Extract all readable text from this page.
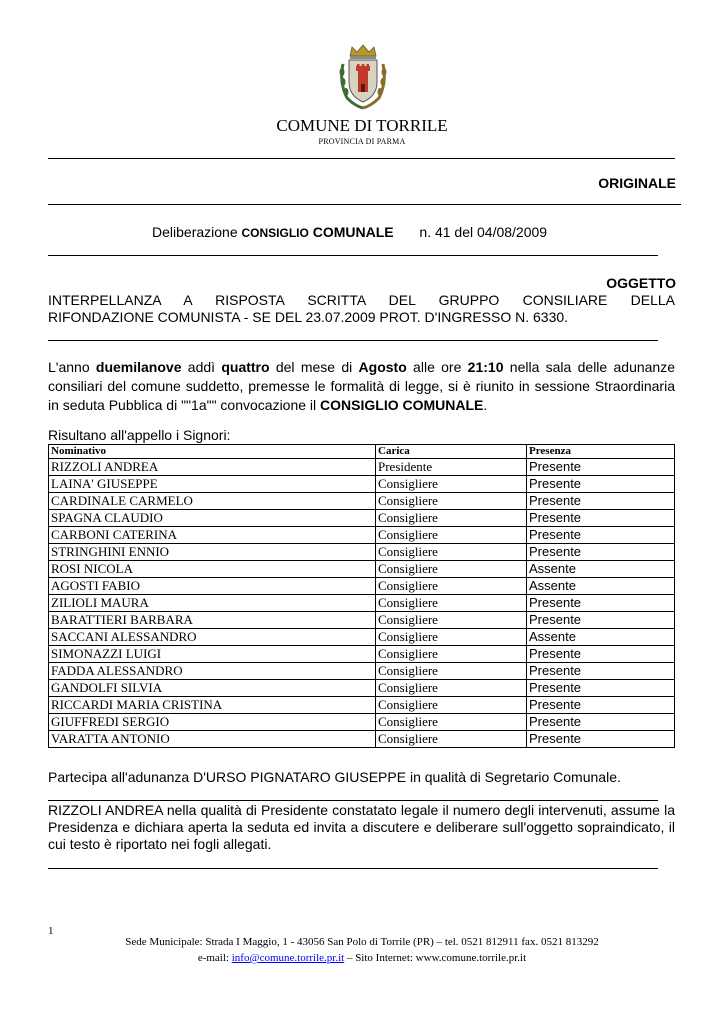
COMUNE DI TORRILE
PROVINCIA DI PARMA
ORIGINALE
Deliberazione CONSIGLIO COMUNALE n. 41 del 04/08/2009
OGGETTO
INTERPELLANZA A RISPOSTA SCRITTA DEL GRUPPO CONSILIARE DELLA
RIFONDAZIONE COMUNISTA - SE DEL 23.07.2009 PROT. D'INGRESSO N. 6330.
L'anno duemilanove addì quattro del mese di Agosto alle ore 21:10 nella sala delle adunanze consiliari del comune suddetto, premesse le formalità di legge, si è riunito in sessione Straordinaria in seduta Pubblica di ""1a"" convocazione il CONSIGLIO COMUNALE.
Risultano all'appello i Signori:
Nominativo	Carica	Presenza
RIZZOLI ANDREA	Presidente	Presente
LAINA' GIUSEPPE	Consigliere	Presente
CARDINALE CARMELO	Consigliere	Presente
SPAGNA CLAUDIO	Consigliere	Presente
CARBONI CATERINA	Consigliere	Presente
STRINGHINI ENNIO	Consigliere	Presente
ROSI NICOLA	Consigliere	Assente
AGOSTI FABIO	Consigliere	Assente
ZILIOLI MAURA	Consigliere	Presente
BARATTIERI BARBARA	Consigliere	Presente
SACCANI ALESSANDRO	Consigliere	Assente
SIMONAZZI LUIGI	Consigliere	Presente
FADDA ALESSANDRO	Consigliere	Presente
GANDOLFI SILVIA	Consigliere	Presente
RICCARDI MARIA CRISTINA	Consigliere	Presente
GIUFFREDI SERGIO	Consigliere	Presente
VARATTA ANTONIO	Consigliere	Presente
Partecipa all'adunanza D'URSO PIGNATARO GIUSEPPE in qualità di Segretario Comunale.
RIZZOLI ANDREA nella qualità di Presidente constatato legale il numero degli intervenuti, assume la Presidenza e dichiara aperta la seduta ed invita a discutere e deliberare sull'oggetto sopraindicato, il cui testo è riportato nei fogli allegati.
1
Sede Municipale: Strada I Maggio, 1 - 43056 San Polo di Torrile (PR) – tel. 0521 812911 fax. 0521 813292
e-mail: info@comune.torrile.pr.it – Sito Internet: www.comune.torrile.pr.it
